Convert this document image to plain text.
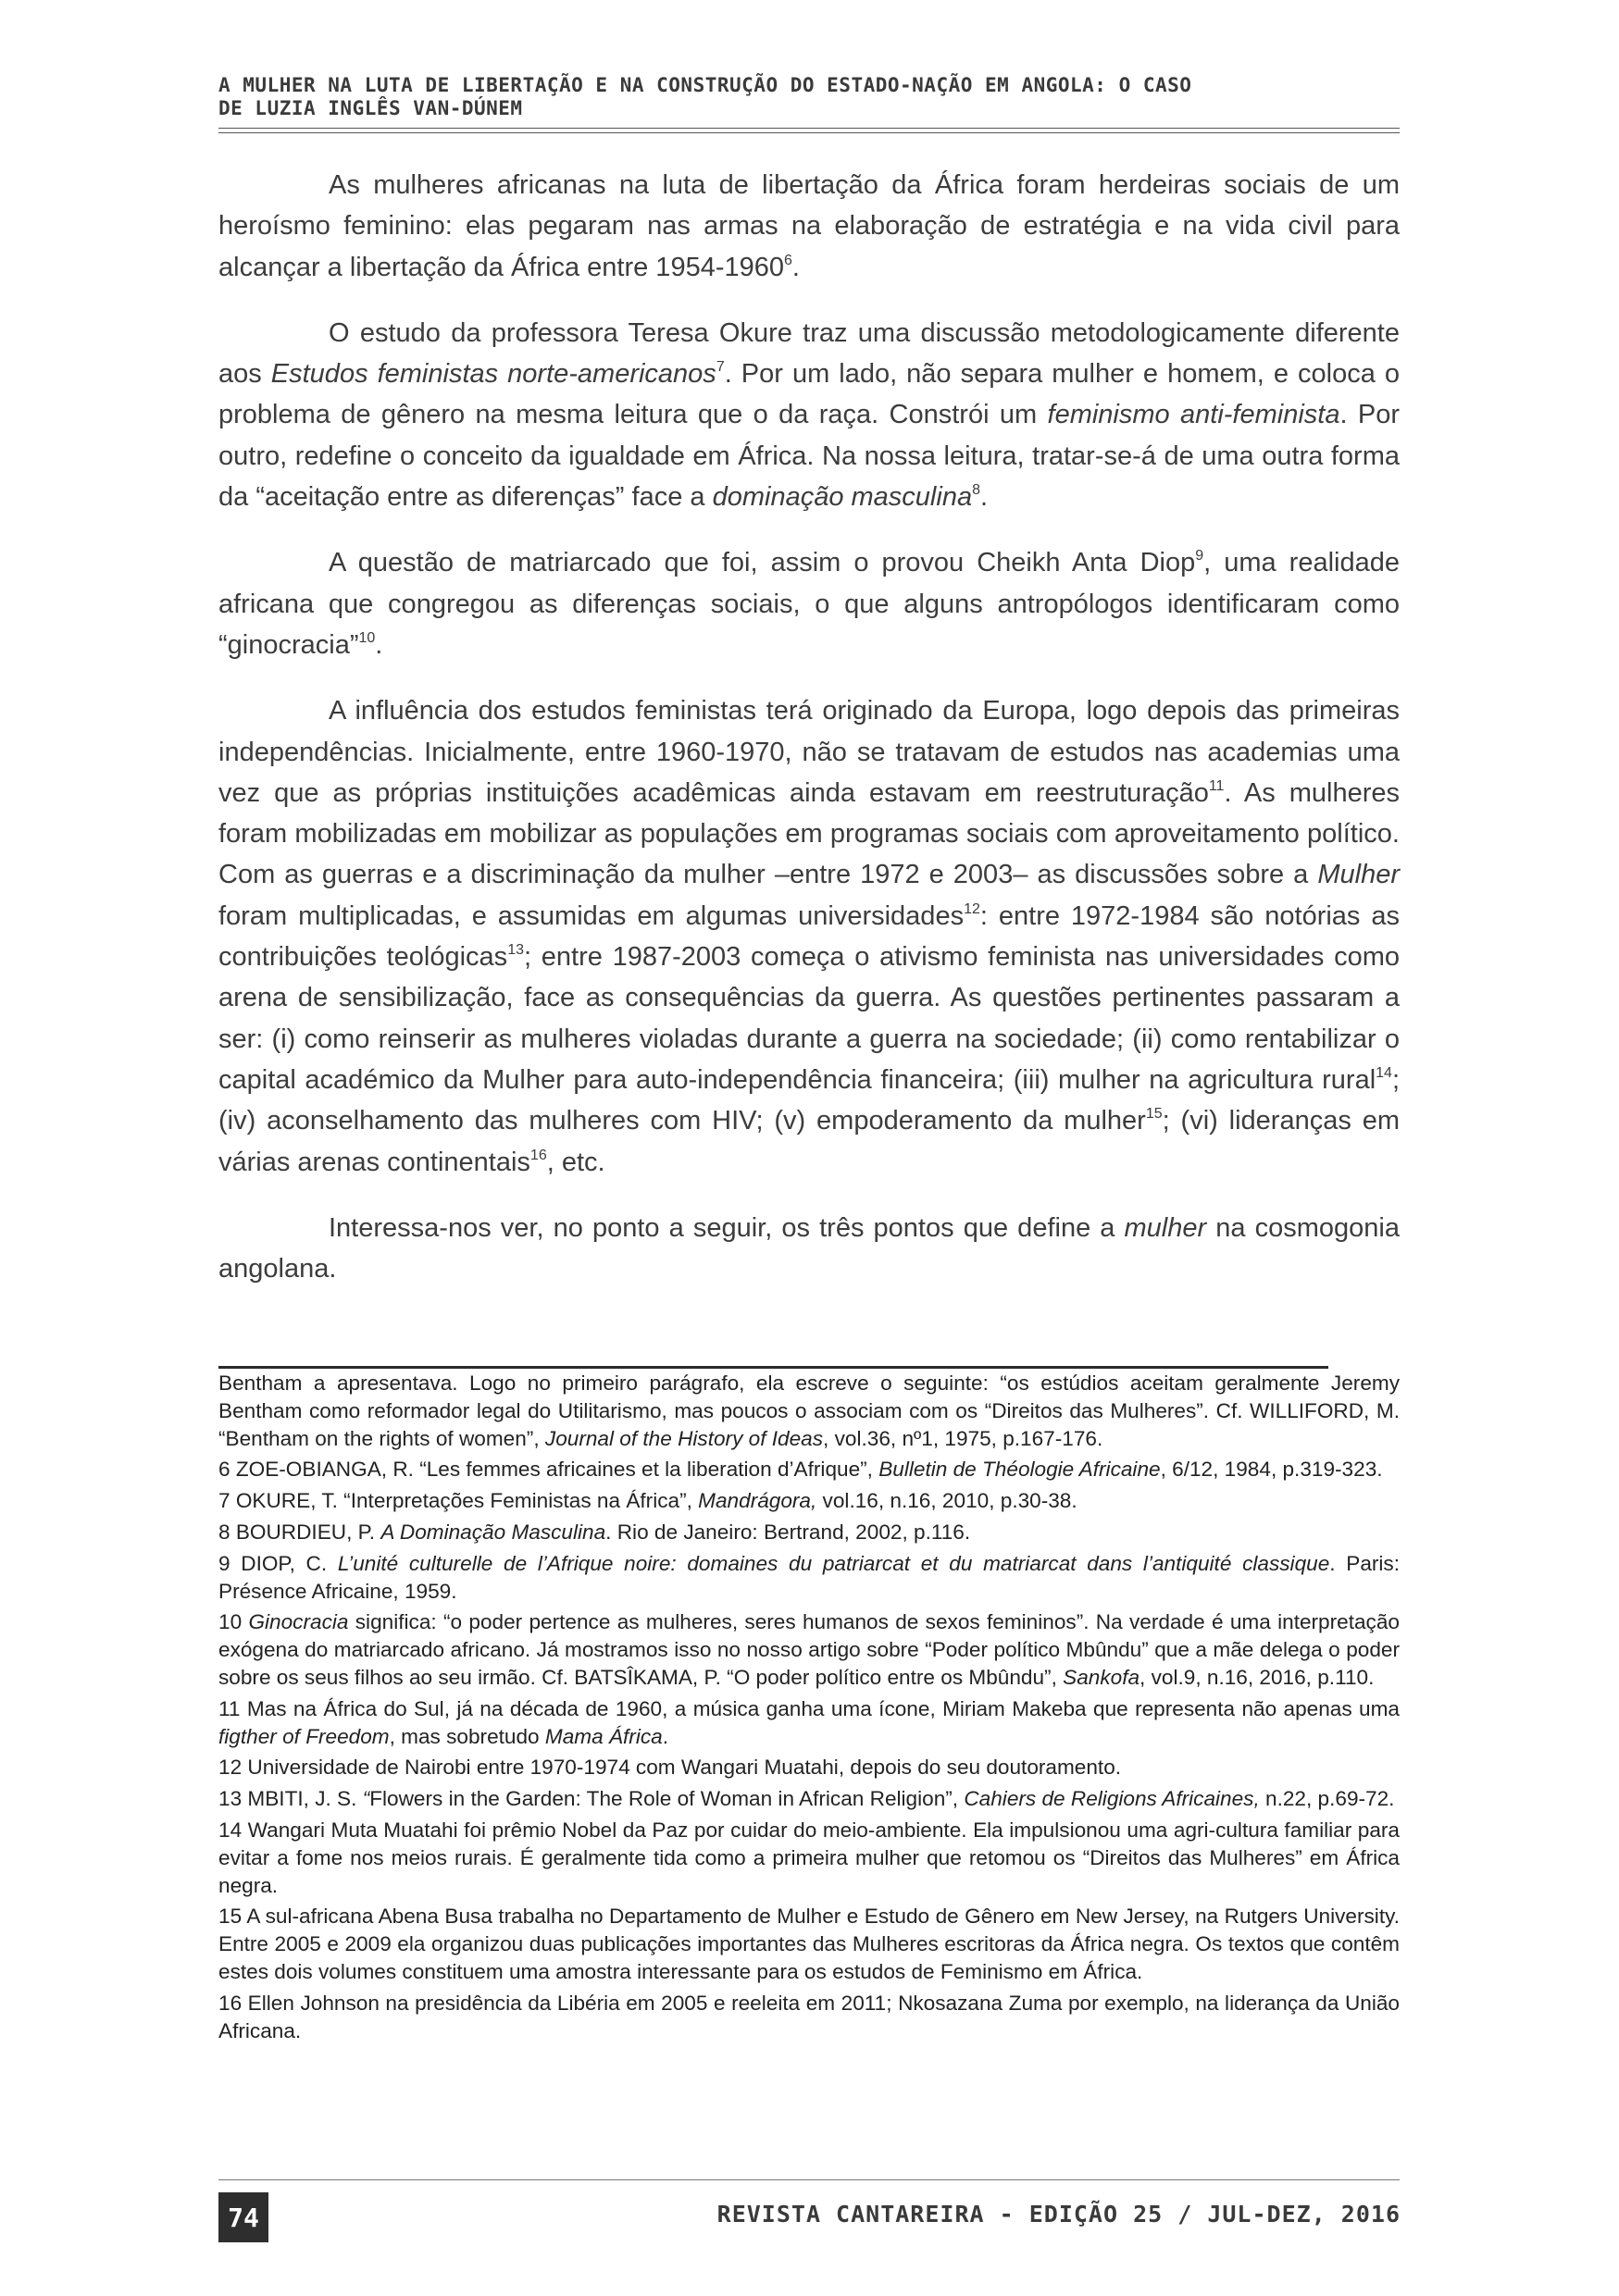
A MULHER NA LUTA DE LIBERTAÇÃO E NA CONSTRUÇÃO DO ESTADO-NAÇÃO EM ANGOLA: O CASO
DE LUZIA INGLÊS VAN-DÚNEM

As mulheres africanas na luta de libertação da África foram herdeiras sociais de um heroísmo feminino: elas pegaram nas armas na elaboração de estratégia e na vida civil para alcançar a libertação da África entre 1954-1960$^6$.

O estudo da professora Teresa Okure traz uma discussão metodologicamente diferente aos Estudos feministas norte-americanos$^7$. Por um lado, não separa mulher e homem, e coloca o problema de gênero na mesma leitura que o da raça. Constrói um feminismo anti-feminista. Por outro, redefine o conceito da igualdade em África. Na nossa leitura, tratar-se-á de uma outra forma da “aceitação entre as diferenças” face a dominação masculina$^8$.

A questão de matriarcado que foi, assim o provou Cheikh Anta Diop$^9$, uma realidade africana que congregou as diferenças sociais, o que alguns antropólogos identificaram como “ginocracia”$^{10}$.

A influência dos estudos feministas terá originado da Europa, logo depois das primeiras independências. Inicialmente, entre 1960-1970, não se tratavam de estudos nas academias uma vez que as próprias instituições acadêmicas ainda estavam em reestruturação$^{11}$. As mulheres foram mobilizadas em mobilizar as populações em programas sociais com aproveitamento político. Com as guerras e a discriminação da mulher –entre 1972 e 2003– as discussões sobre a Mulher foram multiplicadas, e assumidas em algumas universidades$^{12}$: entre 1972-1984 são notórias as contribuições teológicas$^{13}$; entre 1987-2003 começa o ativismo feminista nas universidades como arena de sensibilização, face as consequências da guerra. As questões pertinentes passaram a ser: (i) como reinserir as mulheres violadas durante a guerra na sociedade; (ii) como rentabilizar o capital académico da Mulher para auto-independência financeira; (iii) mulher na agricultura rural$^{14}$; (iv) aconselhamento das mulheres com HIV; (v) empoderamento da mulher$^{15}$; (vi) lideranças em várias arenas continentais$^{16}$, etc.

Interessa-nos ver, no ponto a seguir, os três pontos que define a mulher na cosmogonia angolana.

Bentham a apresentava. Logo no primeiro parágrafo, ela escreve o seguinte: “os estúdios aceitam geralmente Jeremy Bentham como reformador legal do Utilitarismo, mas poucos o associam com os “Direitos das Mulheres”. Cf. WILLIFORD, M. “Bentham on the rights of women”, Journal of the History of Ideas, vol.36, nº1, 1975, p.167-176.

6 ZOE-OBIANGA, R. “Les femmes africaines et la liberation d’Afrique”, Bulletin de Théologie Africaine, 6/12, 1984, p.319-323.

7 OKURE, T. “Interpretações Feministas na África”, Mandrágora, vol.16, n.16, 2010, p.30-38.

8 BOURDIEU, P. A Dominação Masculina. Rio de Janeiro: Bertrand, 2002, p.116.

9 DIOP, C. L’unité culturelle de l’Afrique noire: domaines du patriarcat et du matriarcat dans l’antiquité classique. Paris: Présence Africaine, 1959.

10 Ginocracia significa: “o poder pertence as mulheres, seres humanos de sexos femininos”. Na verdade é uma interpretação exógena do matriarcado africano. Já mostramos isso no nosso artigo sobre “Poder político Mbûndu” que a mãe delega o poder sobre os seus filhos ao seu irmão. Cf. BATSÎKAMA, P. “O poder político entre os Mbûndu”, Sankofa, vol.9, n.16, 2016, p.110.

11 Mas na África do Sul, já na década de 1960, a música ganha uma ícone, Miriam Makeba que representa não apenas uma figther of Freedom, mas sobretudo Mama África.

12 Universidade de Nairobi entre 1970-1974 com Wangari Muatahi, depois do seu doutoramento.

13 MBITI, J. S. “Flowers in the Garden: The Role of Woman in African Religion”, Cahiers de Religions Africaines, n.22, p.69-72.

14 Wangari Muta Muatahi foi prêmio Nobel da Paz por cuidar do meio-ambiente. Ela impulsionou uma agri-cultura familiar para evitar a fome nos meios rurais. É geralmente tida como a primeira mulher que retomou os “Direitos das Mulheres” em África negra.

15 A sul-africana Abena Busa trabalha no Departamento de Mulher e Estudo de Gênero em New Jersey, na Rutgers University. Entre 2005 e 2009 ela organizou duas publicações importantes das Mulheres escritoras da África negra. Os textos que contêm estes dois volumes constituem uma amostra interessante para os estudos de Feminismo em África.

16 Ellen Johnson na presidência da Libéria em 2005 e reeleita em 2011; Nkosazana Zuma por exemplo, na liderança da União Africana.

74	REVISTA CANTAREIRA - EDIÇÃO 25 / JUL-DEZ, 2016
